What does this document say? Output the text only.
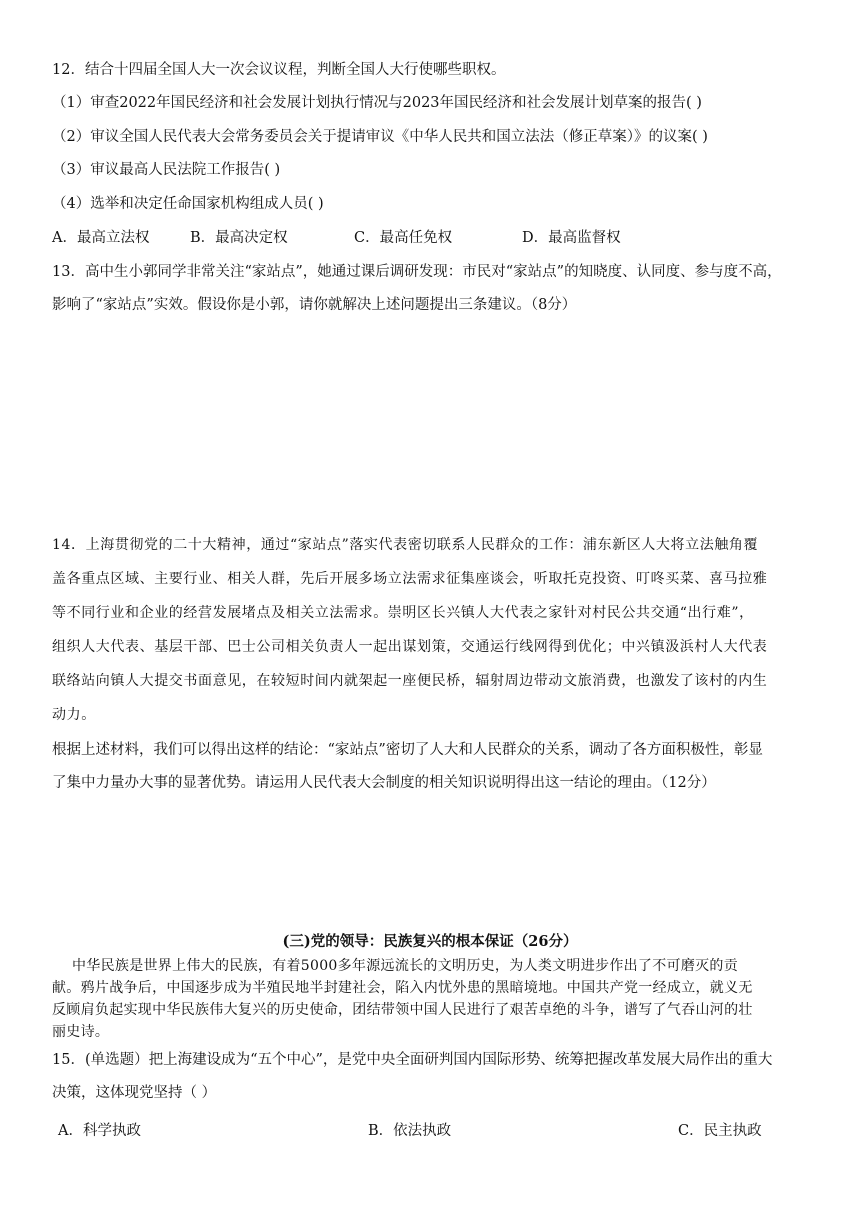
12．结合十四届全国人大一次会议议程，判断全国人大行使哪些职权。
（1）审查2022年国民经济和社会发展计划执行情况与2023年国民经济和社会发展计划草案的报告( )
（2）审议全国人民代表大会常务委员会关于提请审议《中华人民共和国立法法（修正草案）》的议案( )
（3）审议最高人民法院工作报告( )
（4）选举和决定任命国家机构组成人员( )
A．最高立法权	B．最高决定权	C．最高任免权	D．最高监督权
13．高中生小郭同学非常关注“家站点”，她通过课后调研发现：市民对“家站点”的知晓度、认同度、参与度不高，
影响了“家站点”实效。假设你是小郭，请你就解决上述问题提出三条建议。（8分）
14．上海贯彻党的二十大精神，通过“家站点”落实代表密切联系人民群众的工作：浦东新区人大将立法触角覆
盖各重点区域、主要行业、相关人群，先后开展多场立法需求征集座谈会，听取托克投资、叮咚买菜、喜马拉雅
等不同行业和企业的经营发展堵点及相关立法需求。崇明区长兴镇人大代表之家针对村民公共交通“出行难”，
组织人大代表、基层干部、巴士公司相关负责人一起出谋划策，交通运行线网得到优化；中兴镇汲浜村人大代表
联络站向镇人大提交书面意见，在较短时间内就架起一座便民桥，辐射周边带动文旅消费，也激发了该村的内生
动力。
根据上述材料，我们可以得出这样的结论：“家站点”密切了人大和人民群众的关系，调动了各方面积极性，彰显
了集中力量办大事的显著优势。请运用人民代表大会制度的相关知识说明得出这一结论的理由。（12分）
(三)党的领导：民族复兴的根本保证（26分）
中华民族是世界上伟大的民族，有着5000多年源远流长的文明历史，为人类文明进步作出了不可磨灭的贡
献。鸦片战争后，中国逐步成为半殖民地半封建社会，陷入内忧外患的黑暗境地。中国共产党一经成立，就义无
反顾肩负起实现中华民族伟大复兴的历史使命，团结带领中国人民进行了艰苦卓绝的斗争，谱写了气吞山河的壮
丽史诗。
15．(单选题）把上海建设成为“五个中心”，是党中央全面研判国内国际形势、统筹把握改革发展大局作出的重大
决策，这体现党坚持（ ）
A．科学执政	B．依法执政	C．民主执政
